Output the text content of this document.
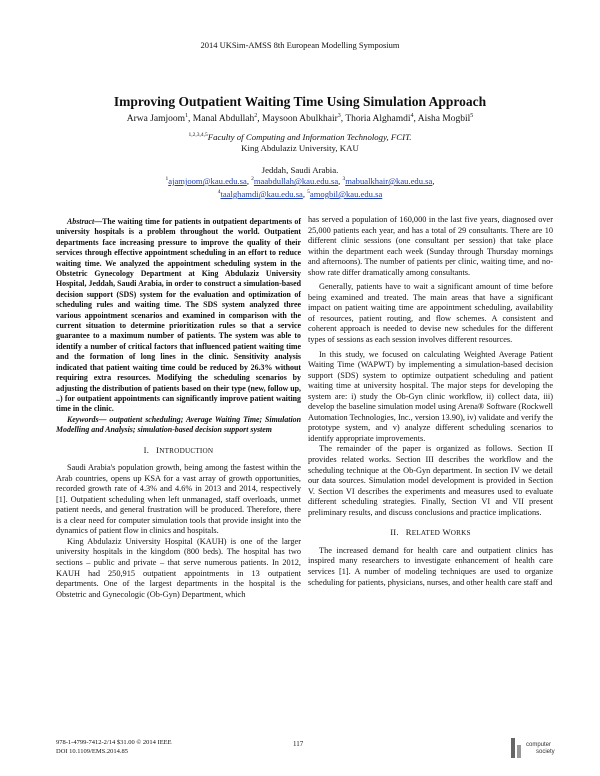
2014 UKSim-AMSS 8th European Modelling Symposium
Improving Outpatient Waiting Time Using Simulation Approach
Arwa Jamjoom$^1$, Manal Abdullah$^2$, Maysoon Abulkhair$^3$, Thoria Alghamdi$^4$, Aisha Mogbil$^5$
$^{1,2,3,4,5}$Faculty of Computing and Information Technology, FCIT.
King Abdulaziz University, KAU
Jeddah, Saudi Arabia.
$^1$ajamjoom@kau.edu.sa, $^2$maabdullah@kau.edu.sa, $^3$mabualkhair@kau.edu.sa,
$^4$taalghamdi@kau.edu.sa, $^5$amogbil@kau.edu.sa

Abstract—The waiting time for patients in outpatient departments of university hospitals is a problem throughout the world. Outpatient departments face increasing pressure to improve the quality of their services through effective appointment scheduling in an effort to reduce waiting time. We analyzed the appointment scheduling system in the Obstetric Gynecology Department at King Abdulaziz University Hospital, Jeddah, Saudi Arabia, in order to construct a simulation-based decision support (SDS) system for the evaluation and optimization of scheduling rules and waiting time. The SDS system analyzed three various appointment scenarios and examined in comparison with the current situation to determine prioritization rules so that a service guarantee to a maximum number of patients. The system was able to identify a number of critical factors that influenced patient waiting time and the formation of long lines in the clinic. Sensitivity analysis indicated that patient waiting time could be reduced by 26.3% without requiring extra resources. Modifying the scheduling scenarios by adjusting the distribution of patients based on their type (new, follow up, ..) for outpatient appointments can significantly improve patient waiting time in the clinic.

Keywords— outpatient scheduling; Average Waiting Time; Simulation Modelling and Analysis; simulation-based decision support system

I. INTRODUCTION

Saudi Arabia's population growth, being among the fastest within the Arab countries, opens up KSA for a vast array of growth opportunities, recorded growth rate of 4.3% and 4.6% in 2013 and 2014, respectively [1]. Outpatient scheduling when left unmanaged, staff overloads, unmet patient needs, and general frustration will be produced. Therefore, there is a clear need for computer simulation tools that provide insight into the dynamics of patient flow in clinics and hospitals.

King Abdulaziz University Hospital (KAUH) is one of the larger university hospitals in the kingdom (800 beds). The hospital has two sections – public and private – that serve numerous patients. In 2012, KAUH had 250,915 outpatient appointments in 13 outpatient departments. One of the largest departments in the hospital is the Obstetric and Gynecologic (Ob-Gyn) Department, which

has served a population of 160,000 in the last five years, diagnosed over 25,000 patients each year, and has a total of 29 consultants. There are 10 different clinic sessions (one consultant per session) that take place within the department each week (Sunday through Thursday mornings and afternoons). The number of patients per clinic, waiting time, and no-show rate differ dramatically among consultants.

Generally, patients have to wait a significant amount of time before being examined and treated. The main areas that have a significant impact on patient waiting time are appointment scheduling, availability of resources, patient routing, and flow schemes. A consistent and coherent approach is needed to devise new schedules for the different types of sessions as each session involves different resources.

In this study, we focused on calculating Weighted Average Patient Waiting Time (WAPWT) by implementing a simulation-based decision support (SDS) system to optimize outpatient scheduling and patient waiting time at university hospital. The major steps for developing the system are: i) study the Ob-Gyn clinic workflow, ii) collect data, iii) develop the baseline simulation model using Arena® Software (Rockwell Automation Technologies, Inc., version 13.90), iv) validate and verify the prototype system, and v) analyze different scheduling scenarios to identify appropriate improvements.

The remainder of the paper is organized as follows. Section II provides related works. Section III describes the workflow and the scheduling technique at the Ob-Gyn department. In section IV we detail our data sources. Simulation model development is provided in Section V. Section VI describes the experiments and measures used to evaluate different scheduling strategies. Finally, Section VI and VII present preliminary results, and discuss conclusions and practice implications.

II. RELATED WORKS

The increased demand for health care and outpatient clinics has inspired many researchers to investigate enhancement of health care services [1]. A number of modeling techniques are used to organize scheduling for patients, physicians, nurses, and other health care staff and

978-1-4799-7412-2/14 $31.00 © 2014 IEEE
DOI 10.1109/EMS.2014.85
117	computer
society
